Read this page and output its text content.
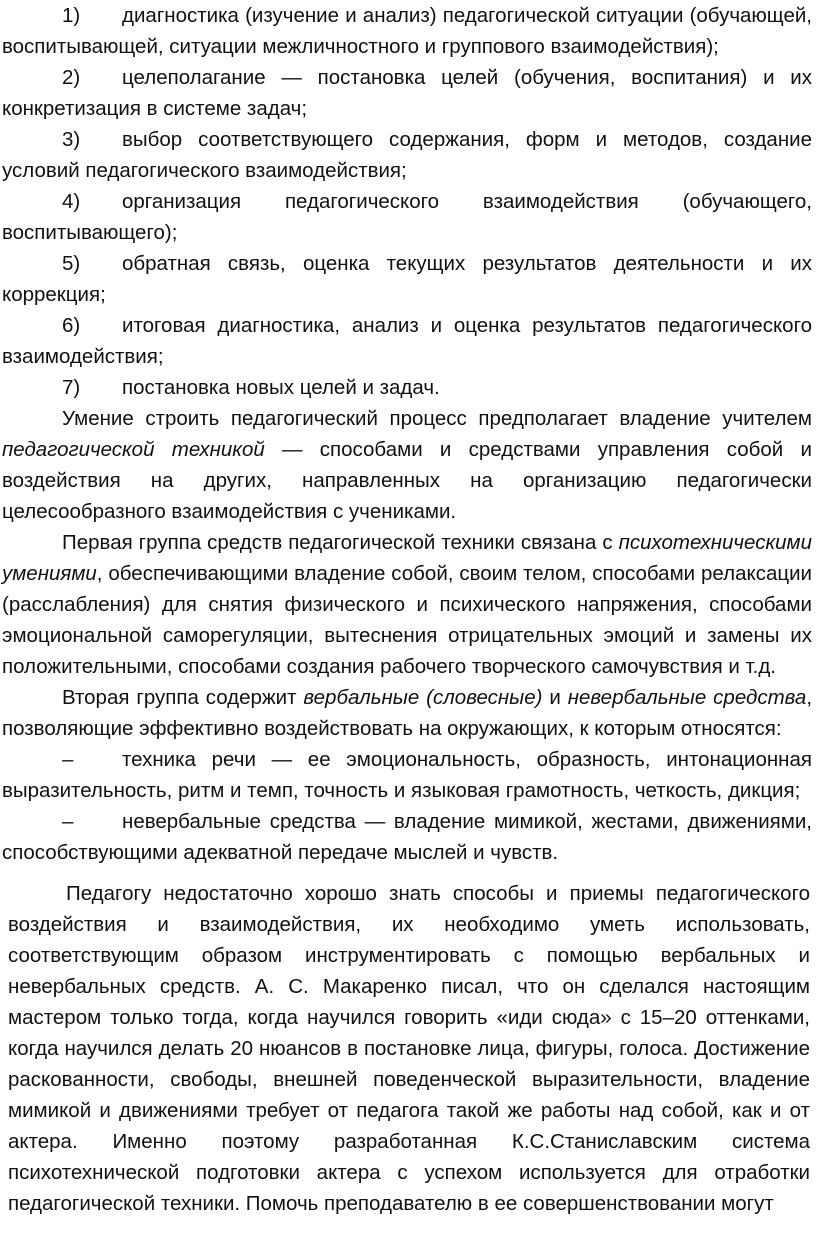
1) диагностика (изучение и анализ) педагогической ситуации (обучающей, воспитывающей, ситуации межличностного и группового взаимодействия);

2) целеполагание — постановка целей (обучения, воспитания) и их конкретизация в системе задач;

3) выбор соответствующего содержания, форм и методов, создание условий педагогического взаимодействия;

4) организация педагогического взаимодействия (обучающего, воспитывающего);

5) обратная связь, оценка текущих результатов деятельности и их коррекция;

6) итоговая диагностика, анализ и оценка результатов педагогического взаимодействия;

7) постановка новых целей и задач.

Умение строить педагогический процесс предполагает владение учителем педагогической техникой — способами и средствами управления собой и воздействия на других, направленных на организацию педагогически целесообразного взаимодействия с учениками.

Первая группа средств педагогической техники связана с психотехническими умениями, обеспечивающими владение собой, своим телом, способами релаксации (расслабления) для снятия физического и психического напряжения, способами эмоциональной саморегуляции, вытеснения отрицательных эмоций и замены их положительными, способами создания рабочего творческого самочувствия и т.д.

Вторая группа содержит вербальные (словесные) и невербальные средства, позволяющие эффективно воздействовать на окружающих, к которым относятся:

– техника речи — ее эмоциональность, образность, интонационная выразительность, ритм и темп, точность и языковая грамотность, четкость, дикция;

– невербальные средства — владение мимикой, жестами, движениями, способствующими адекватной передаче мыслей и чувств.

Педагогу недостаточно хорошо знать способы и приемы педагогического воздействия и взаимодействия, их необходимо уметь использовать, соответствующим образом инструментировать с помощью вербальных и невербальных средств. А. С. Макаренко писал, что он сделался настоящим мастером только тогда, когда научился говорить «иди сюда» с 15–20 оттенками, когда научился делать 20 нюансов в постановке лица, фигуры, голоса. Достижение раскованности, свободы, внешней поведенческой выразительности, владение мимикой и движениями требует от педагога такой же работы над собой, как и от актера. Именно поэтому разработанная К.С.Станиславским система психотехнической подготовки актера с успехом используется для отработки педагогической техники. Помочь преподавателю в ее совершенствовании могут
